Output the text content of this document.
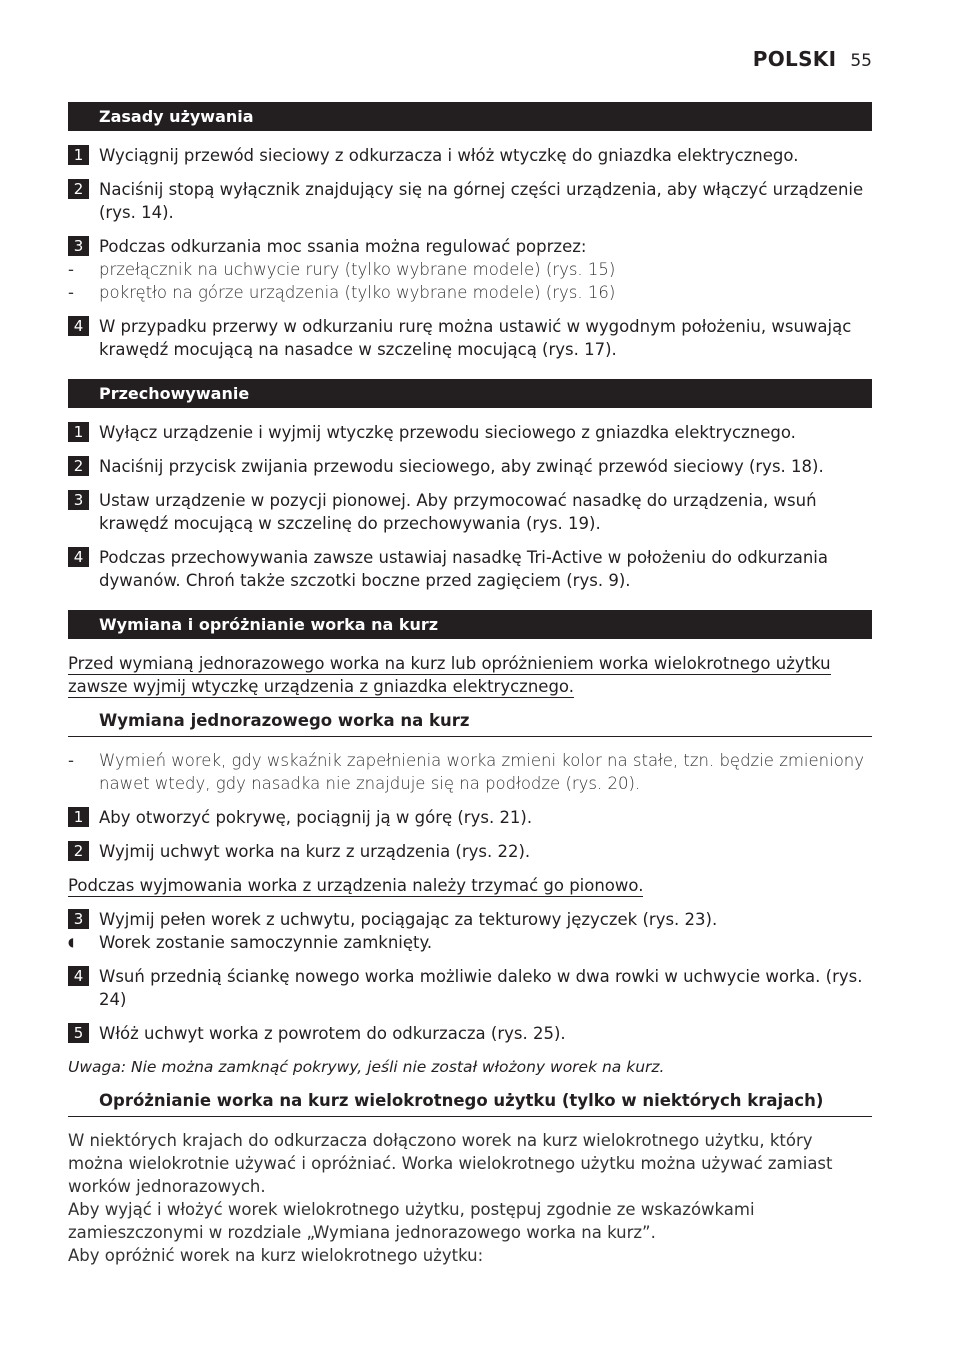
POLSKI 55
Zasady używania
1 Wyciągnij przewód sieciowy z odkurzacza i włóż wtyczkę do gniazdka elektrycznego.
2 Naciśnij stopą wyłącznik znajdujący się na górnej części urządzenia, aby włączyć urządzenie (rys. 14).
3 Podczas odkurzania moc ssania można regulować poprzez:
-	przełącznik na uchwycie rury (tylko wybrane modele) (rys. 15)
-	pokrętło na górze urządzenia (tylko wybrane modele) (rys. 16)
4 W przypadku przerwy w odkurzaniu rurę można ustawić w wygodnym położeniu, wsuwając krawędź mocującą na nasadce w szczelinę mocującą (rys. 17).
Przechowywanie
1 Wyłącz urządzenie i wyjmij wtyczkę przewodu sieciowego z gniazdka elektrycznego.
2 Naciśnij przycisk zwijania przewodu sieciowego, aby zwinąć przewód sieciowy (rys. 18).
3 Ustaw urządzenie w pozycji pionowej. Aby przymocować nasadkę do urządzenia, wsuń krawędź mocującą w szczelinę do przechowywania (rys. 19).
4 Podczas przechowywania zawsze ustawiaj nasadkę Tri-Active w położeniu do odkurzania dywanów. Chroń także szczotki boczne przed zagięciem (rys. 9).
Wymiana i opróżnianie worka na kurz
Przed wymianą jednorazowego worka na kurz lub opróżnieniem worka wielokrotnego użytku zawsze wyjmij wtyczkę urządzenia z gniazdka elektrycznego.
Wymiana jednorazowego worka na kurz
-	Wymień worek, gdy wskaźnik zapełnienia worka zmieni kolor na stałe, tzn. będzie zmieniony nawet wtedy, gdy nasadka nie znajduje się na podłodze (rys. 20).
1 Aby otworzyć pokrywę, pociągnij ją w górę (rys. 21).
2 Wyjmij uchwyt worka na kurz z urządzenia (rys. 22).
Podczas wyjmowania worka z urządzenia należy trzymać go pionowo.
3 Wyjmij pełen worek z uchwytu, pociągając za tekturowy języczek (rys. 23).
◖	Worek zostanie samoczynnie zamknięty.
4 Wsuń przednią ściankę nowego worka możliwie daleko w dwa rowki w uchwycie worka. (rys. 24)
5 Włóż uchwyt worka z powrotem do odkurzacza (rys. 25).
Uwaga: Nie można zamknąć pokrywy, jeśli nie został włożony worek na kurz.
Opróżnianie worka na kurz wielokrotnego użytku (tylko w niektórych krajach)
W niektórych krajach do odkurzacza dołączono worek na kurz wielokrotnego użytku, który można wielokrotnie używać i opróżniać. Worka wielokrotnego użytku można używać zamiast worków jednorazowych.
Aby wyjąć i włożyć worek wielokrotnego użytku, postępuj zgodnie ze wskazówkami zamieszczonymi w rozdziale „Wymiana jednorazowego worka na kurz”.
Aby opróżnić worek na kurz wielokrotnego użytku:
